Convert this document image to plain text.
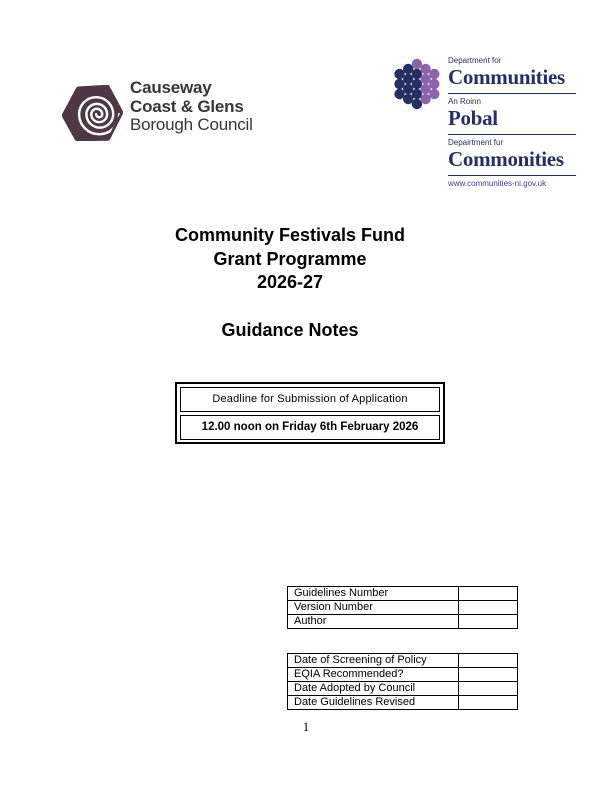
Causeway
Coast & Glens
Borough Council
Department for
Communities
An Roinn
Pobal
Depairtment fur
Commonities
www.communities-ni.gov.uk
Community Festivals Fund
Grant Programme
2026-27
Guidance Notes
Deadline for Submission of Application
12.00 noon on Friday 6th February 2026
Guidelines Number	
Version Number	
Author	
Date of Screening of Policy	
EQIA Recommended?	
Date Adopted by Council	
Date Guidelines Revised	
1
